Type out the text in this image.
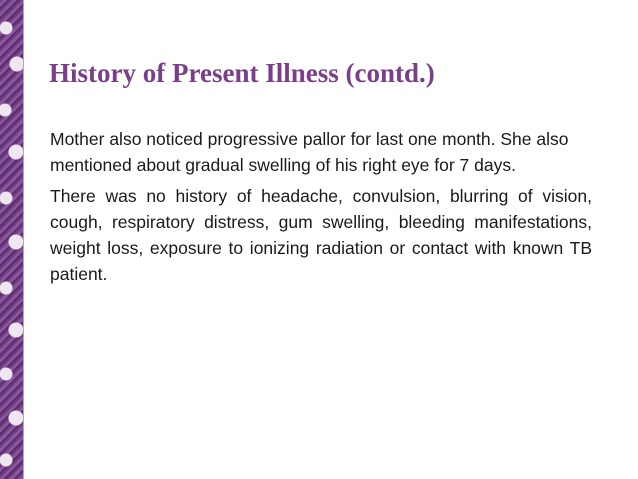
History of Present Illness (contd.)

Mother also noticed progressive pallor for last one month. She also mentioned about gradual swelling of his right eye for 7 days.

There was no history of headache, convulsion, blurring of vision, cough, respiratory distress, gum swelling, bleeding manifestations, weight loss, exposure to ionizing radiation or contact with known TB patient.
